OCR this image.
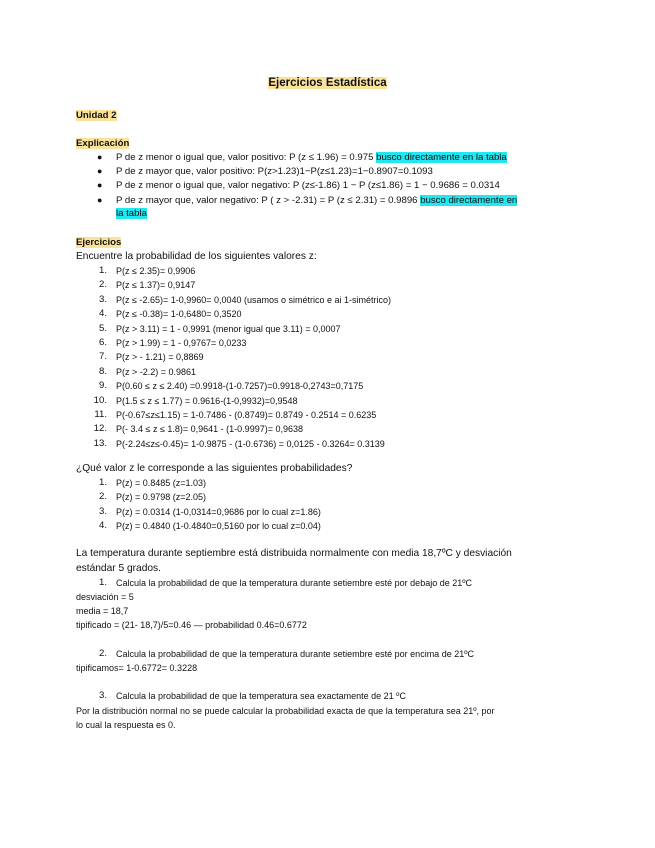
Ejercicios Estadística
Unidad 2
Explicación
● P de z menor o igual que, valor positivo: P (z ≤ 1.96) = 0.975 busco directamente en la tabla
● P de z mayor que, valor positivo: P(z>1.23)1−P(z≤1.23)=1−0.8907=0.1093
● P de z menor o igual que, valor negativo: P (z≤-1.86) 1 − P (z≤1.86) = 1 − 0.9686 = 0.0314
● P de z mayor que, valor negativo: P ( z > -2.31) = P (z ≤ 2.31) = 0.9896 busco directamente en
la tabla
Ejercicios
Encuentre la probabilidad de los siguientes valores z:
1. P(z ≤ 2.35)= 0,9906
2. P(z ≤ 1.37)= 0,9147
3. P(z ≤ -2.65)= 1-0,9960= 0,0040 (usamos o simétrico e ai 1-simétrico)
4. P(z ≤ -0.38)= 1-0,6480= 0,3520
5. P(z > 3.11) = 1 - 0,9991 (menor igual que 3.11) = 0,0007
6. P(z > 1.99) = 1 - 0,9767= 0,0233
7. P(z > - 1.21) = 0,8869
8. P(z > -2.2) = 0.9861
9. P(0.60 ≤ z ≤ 2.40) =0.9918-(1-0.7257)=0.9918-0,2743=0,7175
10. P(1.5 ≤ z ≤ 1.77) = 0.9616-(1-0,9932)=0,9548
11. P(-0.67≤z≤1.15) = 1-0.7486 - (0.8749)= 0.8749 - 0.2514 = 0.6235
12. P(- 3.4 ≤ z ≤ 1.8)= 0,9641 - (1-0.9997)= 0,9638
13. P(-2.24≤z≤-0.45)= 1-0.9875 - (1-0.6736) = 0,0125 - 0.3264= 0.3139
¿Qué valor z le corresponde a las siguientes probabilidades?
1. P(z) = 0.8485 (z=1.03)
2. P(z) = 0.9798 (z=2.05)
3. P(z) = 0.0314 (1-0,0314=0,9686 por lo cual z=1.86)
4. P(z) = 0.4840 (1-0.4840=0,5160 por lo cual z=0.04)
La temperatura durante septiembre está distribuida normalmente con media 18,7ºC y desviación
estándar 5 grados.
1. Calcula la probabilidad de que la temperatura durante setiembre esté por debajo de 21ºC
desviación = 5
media = 18,7
tipificado = (21- 18,7)/5=0.46 — probabilidad 0.46=0.6772
2. Calcula la probabilidad de que la temperatura durante setiembre esté por encima de 21ºC
tipificamos= 1-0.6772= 0.3228
3. Calcula la probabilidad de que la temperatura sea exactamente de 21 ºC
Por la distribución normal no se puede calcular la probabilidad exacta de que la temperatura sea 21º, por
lo cual la respuesta es 0.
